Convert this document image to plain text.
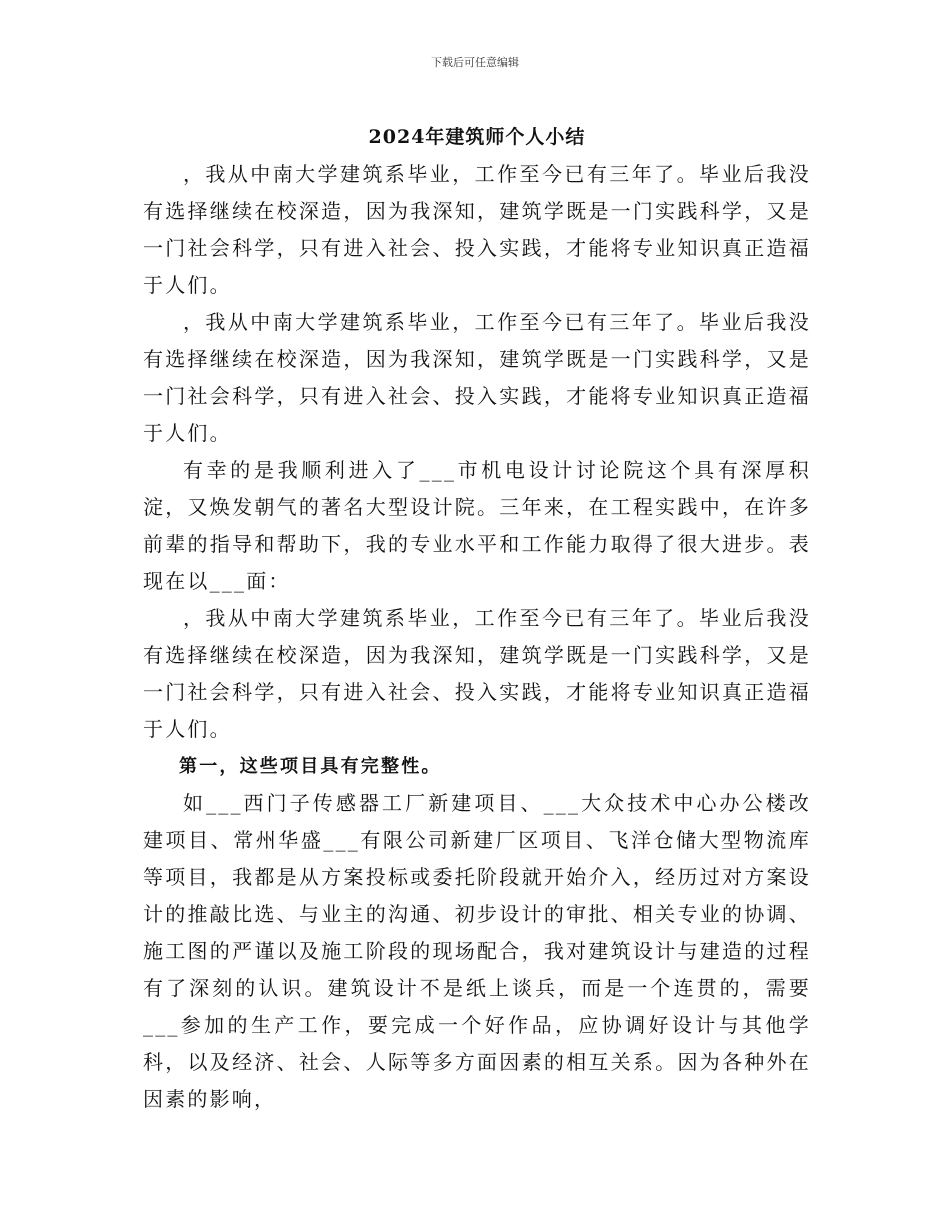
下载后可任意编辑
2024年建筑师个人小结

，我从中南大学建筑系毕业，工作至今已有三年了。毕业后我没有选择继续在校深造，因为我深知，建筑学既是一门实践科学，又是一门社会科学，只有进入社会、投入实践，才能将专业知识真正造福于人们。

，我从中南大学建筑系毕业，工作至今已有三年了。毕业后我没有选择继续在校深造，因为我深知，建筑学既是一门实践科学，又是一门社会科学，只有进入社会、投入实践，才能将专业知识真正造福于人们。

有幸的是我顺利进入了___市机电设计讨论院这个具有深厚积淀，又焕发朝气的著名大型设计院。三年来，在工程实践中，在许多前辈的指导和帮助下，我的专业水平和工作能力取得了很大进步。表现在以___面：

，我从中南大学建筑系毕业，工作至今已有三年了。毕业后我没有选择继续在校深造，因为我深知，建筑学既是一门实践科学，又是一门社会科学，只有进入社会、投入实践，才能将专业知识真正造福于人们。

第一，这些项目具有完整性。

如___西门子传感器工厂新建项目、___大众技术中心办公楼改建项目、常州华盛___有限公司新建厂区项目、飞洋仓储大型物流库等项目，我都是从方案投标或委托阶段就开始介入，经历过对方案设计的推敲比选、与业主的沟通、初步设计的审批、相关专业的协调、施工图的严谨以及施工阶段的现场配合，我对建筑设计与建造的过程有了深刻的认识。建筑设计不是纸上谈兵，而是一个连贯的，需要___参加的生产工作，要完成一个好作品，应协调好设计与其他学科，以及经济、社会、人际等多方面因素的相互关系。因为各种外在因素的影响，
